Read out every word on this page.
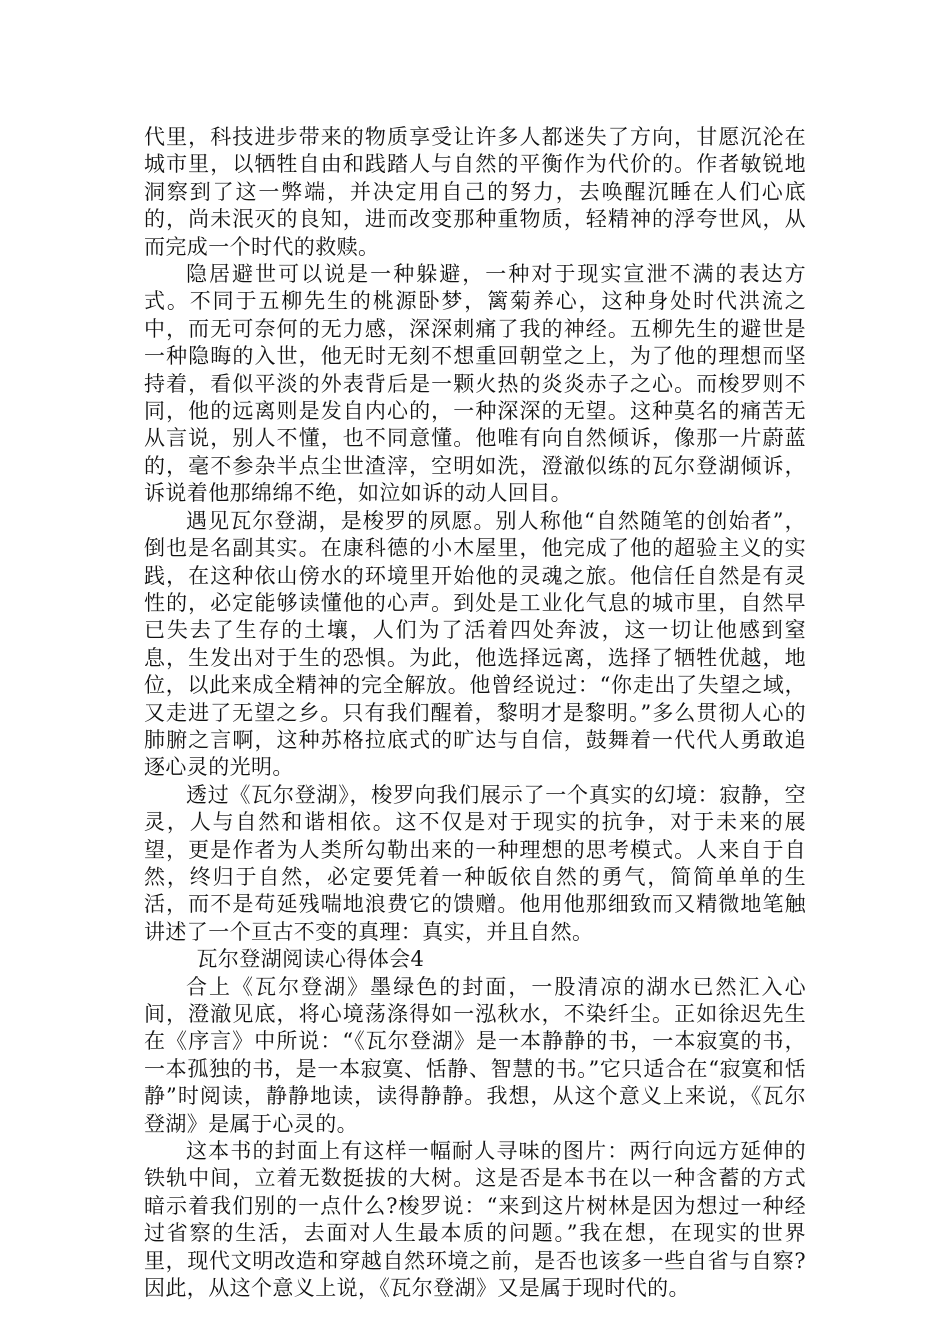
代里，科技进步带来的物质享受让许多人都迷失了方向，甘愿沉沦在城市里，以牺牲自由和践踏人与自然的平衡作为代价的。作者敏锐地洞察到了这一弊端，并决定用自己的努力，去唤醒沉睡在人们心底的，尚未泯灭的良知，进而改变那种重物质，轻精神的浮夸世风，从而完成一个时代的救赎。

隐居避世可以说是一种躲避，一种对于现实宣泄不满的表达方式。不同于五柳先生的桃源卧梦，篱菊养心，这种身处时代洪流之中，而无可奈何的无力感，深深刺痛了我的神经。五柳先生的避世是一种隐晦的入世，他无时无刻不想重回朝堂之上，为了他的理想而坚持着，看似平淡的外表背后是一颗火热的炎炎赤子之心。而梭罗则不同，他的远离则是发自内心的，一种深深的无望。这种莫名的痛苦无从言说，别人不懂，也不同意懂。他唯有向自然倾诉，像那一片蔚蓝的，毫不参杂半点尘世渣滓，空明如洗，澄澈似练的瓦尔登湖倾诉，诉说着他那绵绵不绝，如泣如诉的动人回目。

遇见瓦尔登湖，是梭罗的夙愿。别人称他“自然随笔的创始者”，倒也是名副其实。在康科德的小木屋里，他完成了他的超验主义的实践，在这种依山傍水的环境里开始他的灵魂之旅。他信任自然是有灵性的，必定能够读懂他的心声。到处是工业化气息的城市里，自然早已失去了生存的土壤，人们为了活着四处奔波，这一切让他感到窒息，生发出对于生的恐惧。为此，他选择远离，选择了牺牲优越，地位，以此来成全精神的完全解放。他曾经说过：“你走出了失望之域，又走进了无望之乡。只有我们醒着，黎明才是黎明。”多么贯彻人心的肺腑之言啊，这种苏格拉底式的旷达与自信，鼓舞着一代代人勇敢追逐心灵的光明。

透过《瓦尔登湖》，梭罗向我们展示了一个真实的幻境：寂静，空灵，人与自然和谐相依。这不仅是对于现实的抗争，对于未来的展望，更是作者为人类所勾勒出来的一种理想的思考模式。人来自于自然，终归于自然，必定要凭着一种皈依自然的勇气，简简单单的生活，而不是苟延残喘地浪费它的馈赠。他用他那细致而又精微地笔触讲述了一个亘古不变的真理：真实，并且自然。

瓦尔登湖阅读心得体会4

合上《瓦尔登湖》墨绿色的封面，一股清凉的湖水已然汇入心间，澄澈见底，将心境荡涤得如一泓秋水，不染纤尘。正如徐迟先生在《序言》中所说：“《瓦尔登湖》是一本静静的书，一本寂寞的书，一本孤独的书，是一本寂寞、恬静、智慧的书。”它只适合在“寂寞和恬静”时阅读，静静地读，读得静静。我想，从这个意义上来说，《瓦尔登湖》是属于心灵的。

这本书的封面上有这样一幅耐人寻味的图片：两行向远方延伸的铁轨中间，立着无数挺拔的大树。这是否是本书在以一种含蓄的方式暗示着我们别的一点什么?梭罗说：“来到这片树林是因为想过一种经过省察的生活，去面对人生最本质的问题。”我在想，在现实的世界里，现代文明改造和穿越自然环境之前，是否也该多一些自省与自察?因此，从这个意义上说，《瓦尔登湖》又是属于现时代的。
